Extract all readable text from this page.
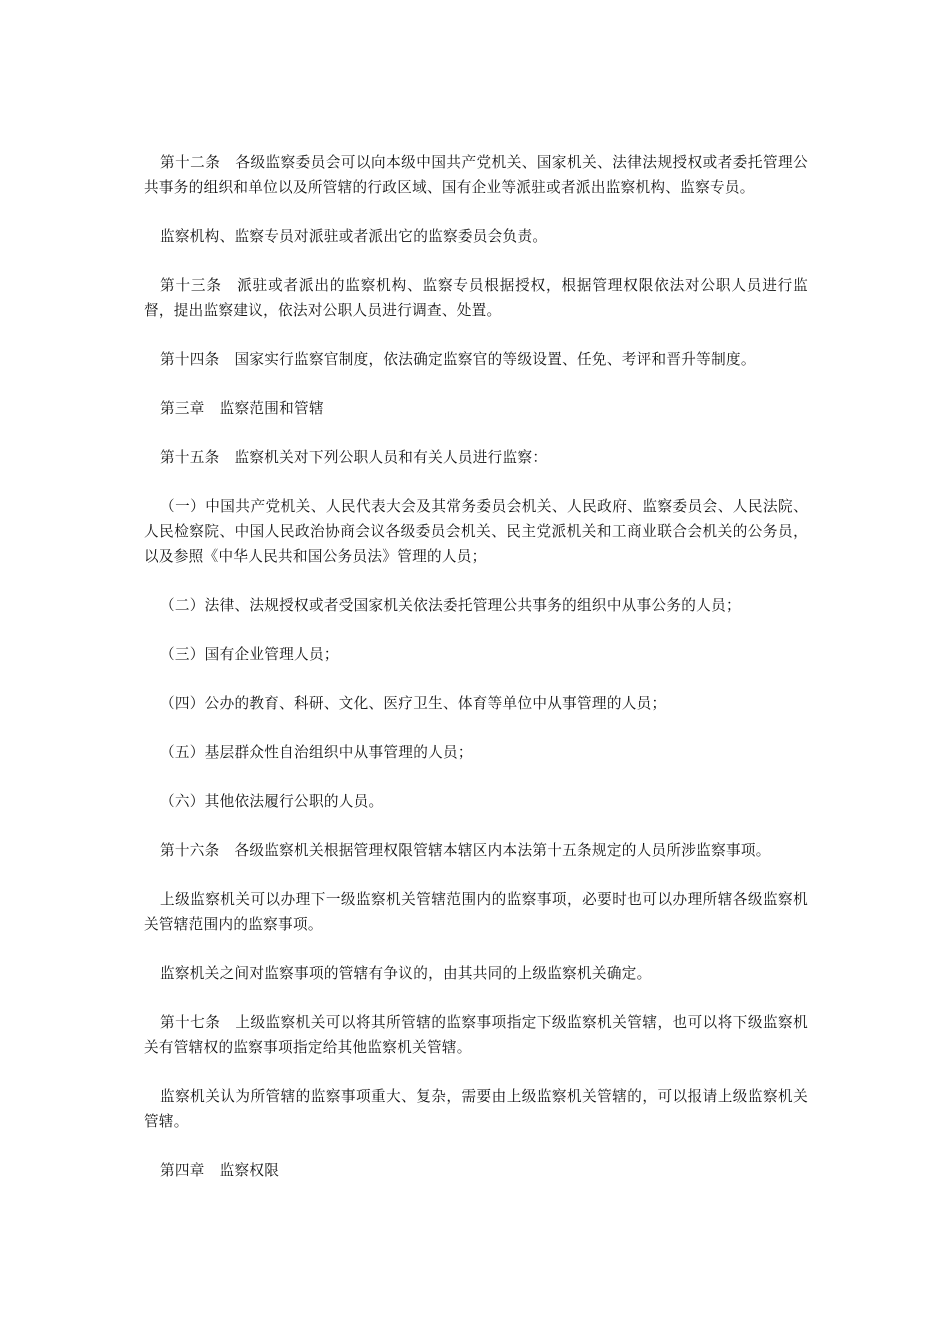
第十二条　各级监察委员会可以向本级中国共产党机关、国家机关、法律法规授权或者委托管理公共事务的组织和单位以及所管辖的行政区域、国有企业等派驻或者派出监察机构、监察专员。

监察机构、监察专员对派驻或者派出它的监察委员会负责。

第十三条　派驻或者派出的监察机构、监察专员根据授权，根据管理权限依法对公职人员进行监督，提出监察建议，依法对公职人员进行调查、处置。

第十四条　国家实行监察官制度，依法确定监察官的等级设置、任免、考评和晋升等制度。

第三章　监察范围和管辖

第十五条　监察机关对下列公职人员和有关人员进行监察：

（一）中国共产党机关、人民代表大会及其常务委员会机关、人民政府、监察委员会、人民法院、人民检察院、中国人民政治协商会议各级委员会机关、民主党派机关和工商业联合会机关的公务员，以及参照《中华人民共和国公务员法》管理的人员；

（二）法律、法规授权或者受国家机关依法委托管理公共事务的组织中从事公务的人员；

（三）国有企业管理人员；

（四）公办的教育、科研、文化、医疗卫生、体育等单位中从事管理的人员；

（五）基层群众性自治组织中从事管理的人员；

（六）其他依法履行公职的人员。

第十六条　各级监察机关根据管理权限管辖本辖区内本法第十五条规定的人员所涉监察事项。

上级监察机关可以办理下一级监察机关管辖范围内的监察事项，必要时也可以办理所辖各级监察机关管辖范围内的监察事项。

监察机关之间对监察事项的管辖有争议的，由其共同的上级监察机关确定。

第十七条　上级监察机关可以将其所管辖的监察事项指定下级监察机关管辖，也可以将下级监察机关有管辖权的监察事项指定给其他监察机关管辖。

监察机关认为所管辖的监察事项重大、复杂，需要由上级监察机关管辖的，可以报请上级监察机关管辖。

第四章　监察权限
